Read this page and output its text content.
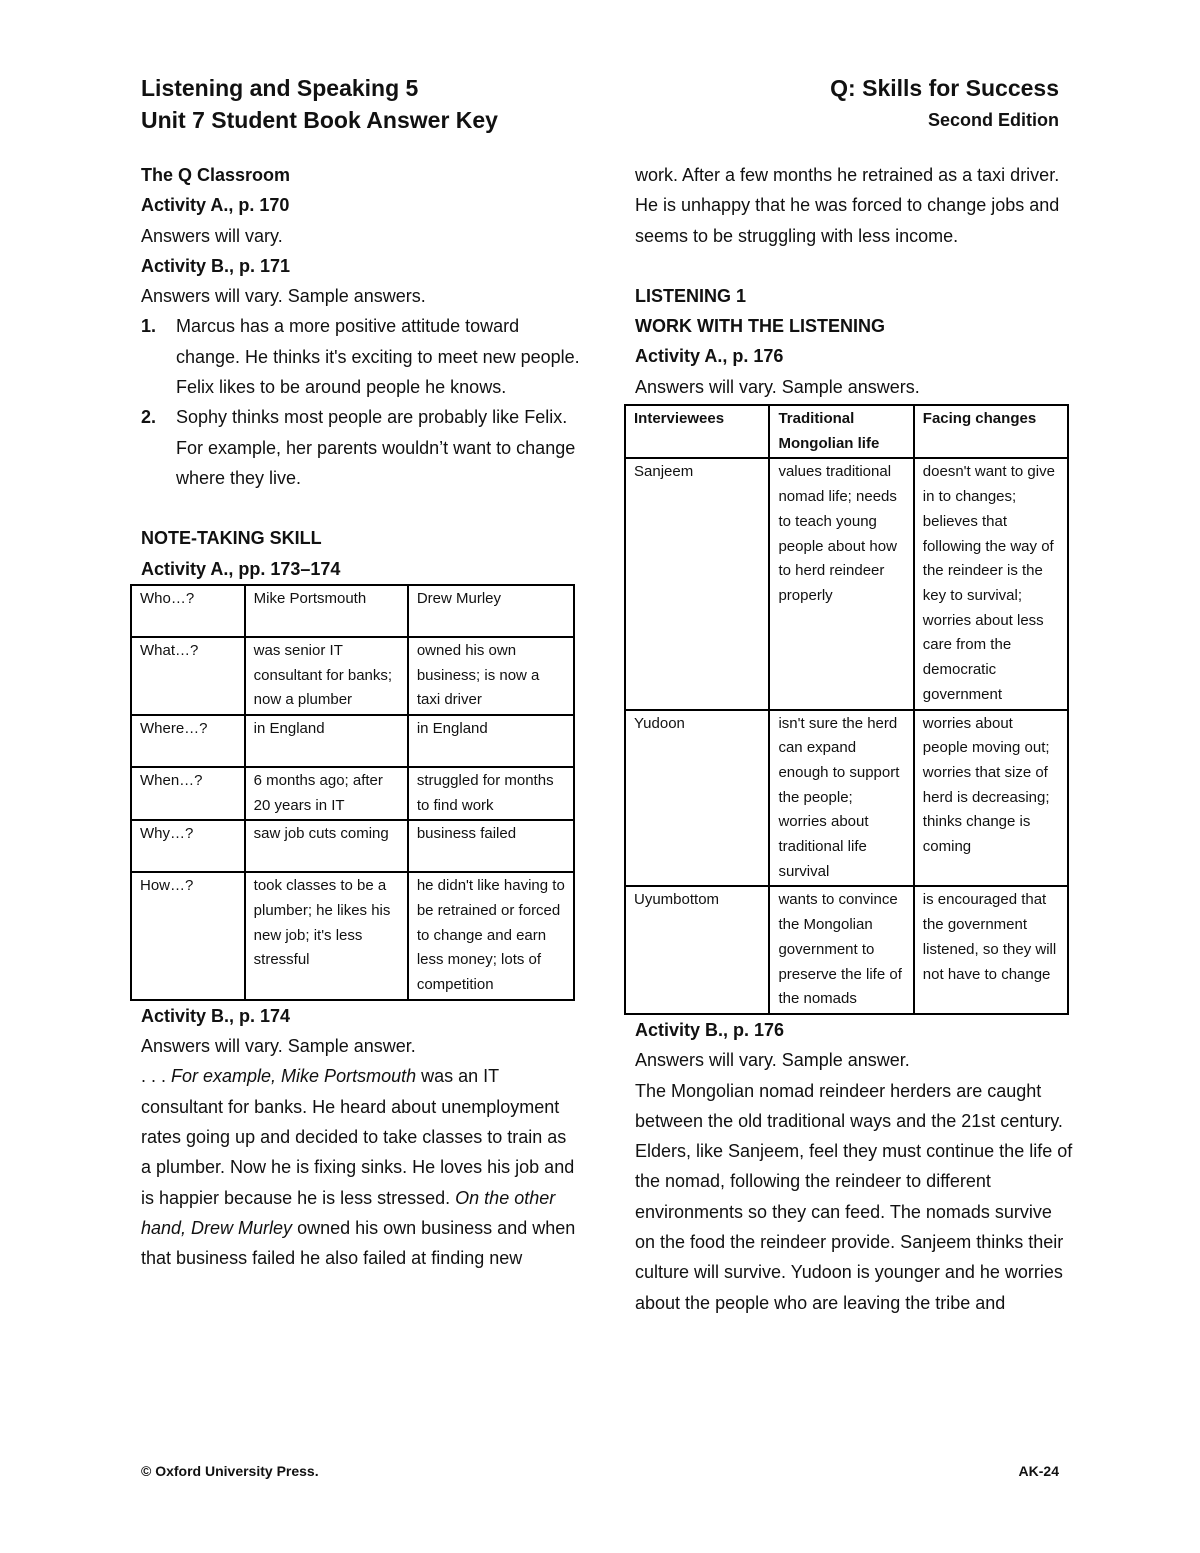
Listening and Speaking 5
Unit 7 Student Book Answer Key
Q: Skills for Success
Second Edition

The Q Classroom

Activity A., p. 170

Answers will vary.

Activity B., p. 171

Answers will vary. Sample answers.

1. Marcus has a more positive attitude toward change. He thinks it's exciting to meet new people. Felix likes to be around people he knows.
2. Sophy thinks most people are probably like Felix. For example, her parents wouldn’t want to change where they live.

NOTE-TAKING SKILL

Activity A., pp. 173–174

Who…?	Mike Portsmouth	Drew Murley
What…?	was senior IT consultant for banks; now a plumber	owned his own business; is now a taxi driver
Where…?	in England	in England
When…?	6 months ago; after 20 years in IT	struggled for months to find work
Why…?	saw job cuts coming	business failed
How…?	took classes to be a plumber; he likes his new job; it's less stressful	he didn't like having to be retrained or forced to change and earn less money; lots of competition

Activity B., p. 174

Answers will vary. Sample answer.

. . . For example, Mike Portsmouth was an IT consultant for banks. He heard about unemployment rates going up and decided to take classes to train as a plumber. Now he is fixing sinks. He loves his job and is happier because he is less stressed. On the other hand, Drew Murley owned his own business and when that business failed he also failed at finding new

work. After a few months he retrained as a taxi driver. He is unhappy that he was forced to change jobs and seems to be struggling with less income.

LISTENING 1

WORK WITH THE LISTENING

Activity A., p. 176

Answers will vary. Sample answers.

Interviewees	Traditional Mongolian life	Facing changes
Sanjeem	values traditional nomad life; needs to teach young people about how to herd reindeer properly	doesn't want to give in to changes; believes that following the way of the reindeer is the key to survival; worries about less care from the democratic government
Yudoon	isn't sure the herd can expand enough to support the people; worries about traditional life survival	worries about people moving out; worries that size of herd is decreasing; thinks change is coming
Uyumbottom	wants to convince the Mongolian government to preserve the life of the nomads	is encouraged that the government listened, so they will not have to change

Activity B., p. 176

Answers will vary. Sample answer.

The Mongolian nomad reindeer herders are caught between the old traditional ways and the 21st century. Elders, like Sanjeem, feel they must continue the life of the nomad, following the reindeer to different environments so they can feed. The nomads survive on the food the reindeer provide. Sanjeem thinks their culture will survive. Yudoon is younger and he worries about the people who are leaving the tribe and

© Oxford University Press.	AK-24
